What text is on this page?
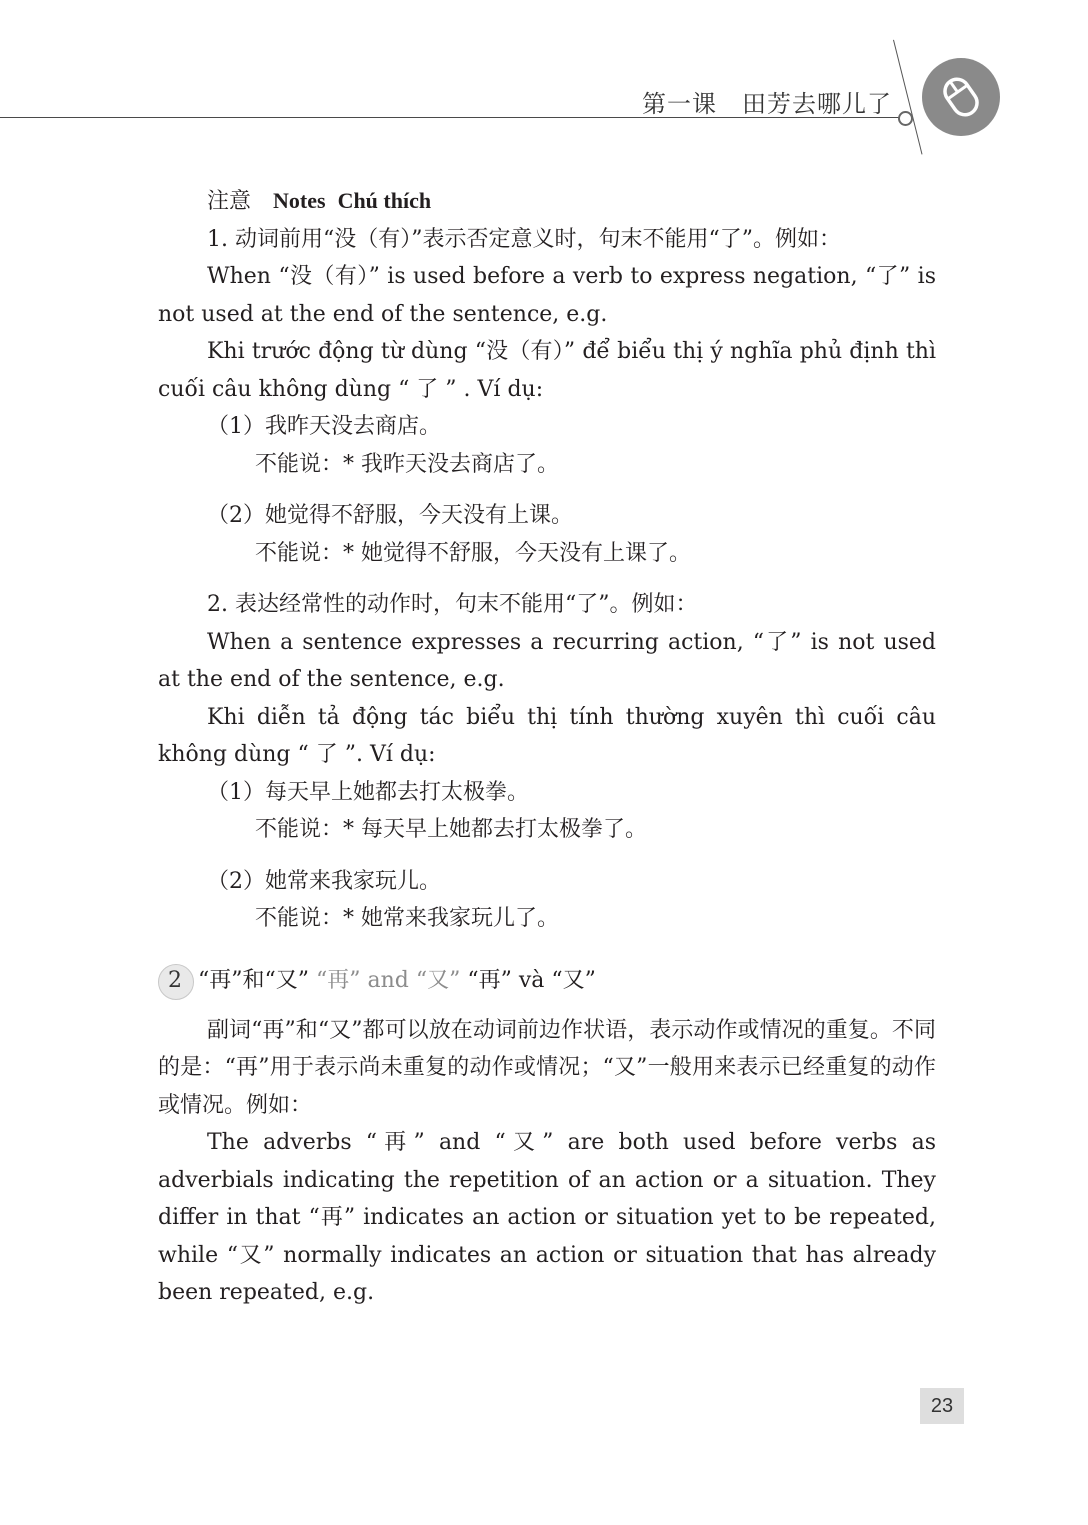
第一课　田芳去哪儿了

注意 Notes Chú thích

1. 动词前用“没（有）”表示否定意义时，句末不能用“了”。例如：

When “没（有）” is used before a verb to express negation, “了” is not used at the end of the sentence, e.g.

Khi trước động từ dùng “没（有）” để biểu thị ý nghĩa phủ định thì cuối câu không dùng “ 了 ” . Ví dụ:

（1）我昨天没去商店。

不能说：* 我昨天没去商店了。

（2）她觉得不舒服，今天没有上课。

不能说：* 她觉得不舒服，今天没有上课了。

2. 表达经常性的动作时，句末不能用“了”。例如：

When a sentence expresses a recurring action, “了” is not used at the end of the sentence, e.g.

Khi diễn tả động tác biểu thị tính thường xuyên thì cuối câu không dùng “ 了 ”. Ví dụ:

（1）每天早上她都去打太极拳。

不能说：* 每天早上她都去打太极拳了。

（2）她常来我家玩儿。

不能说：* 她常来我家玩儿了。

2 “再”和“又” “再” and “又” “再” và “又”

副词“再”和“又”都可以放在动词前边作状语，表示动作或情况的重复。不同的是：“再”用于表示尚未重复的动作或情况；“又”一般用来表示已经重复的动作或情况。例如：

The adverbs “再” and “又” are both used before verbs as adverbials indicating the repetition of an action or a situation. They differ in that “再” indicates an action or situation yet to be repeated, while “又” normally indicates an action or situation that has already been repeated, e.g.

23
